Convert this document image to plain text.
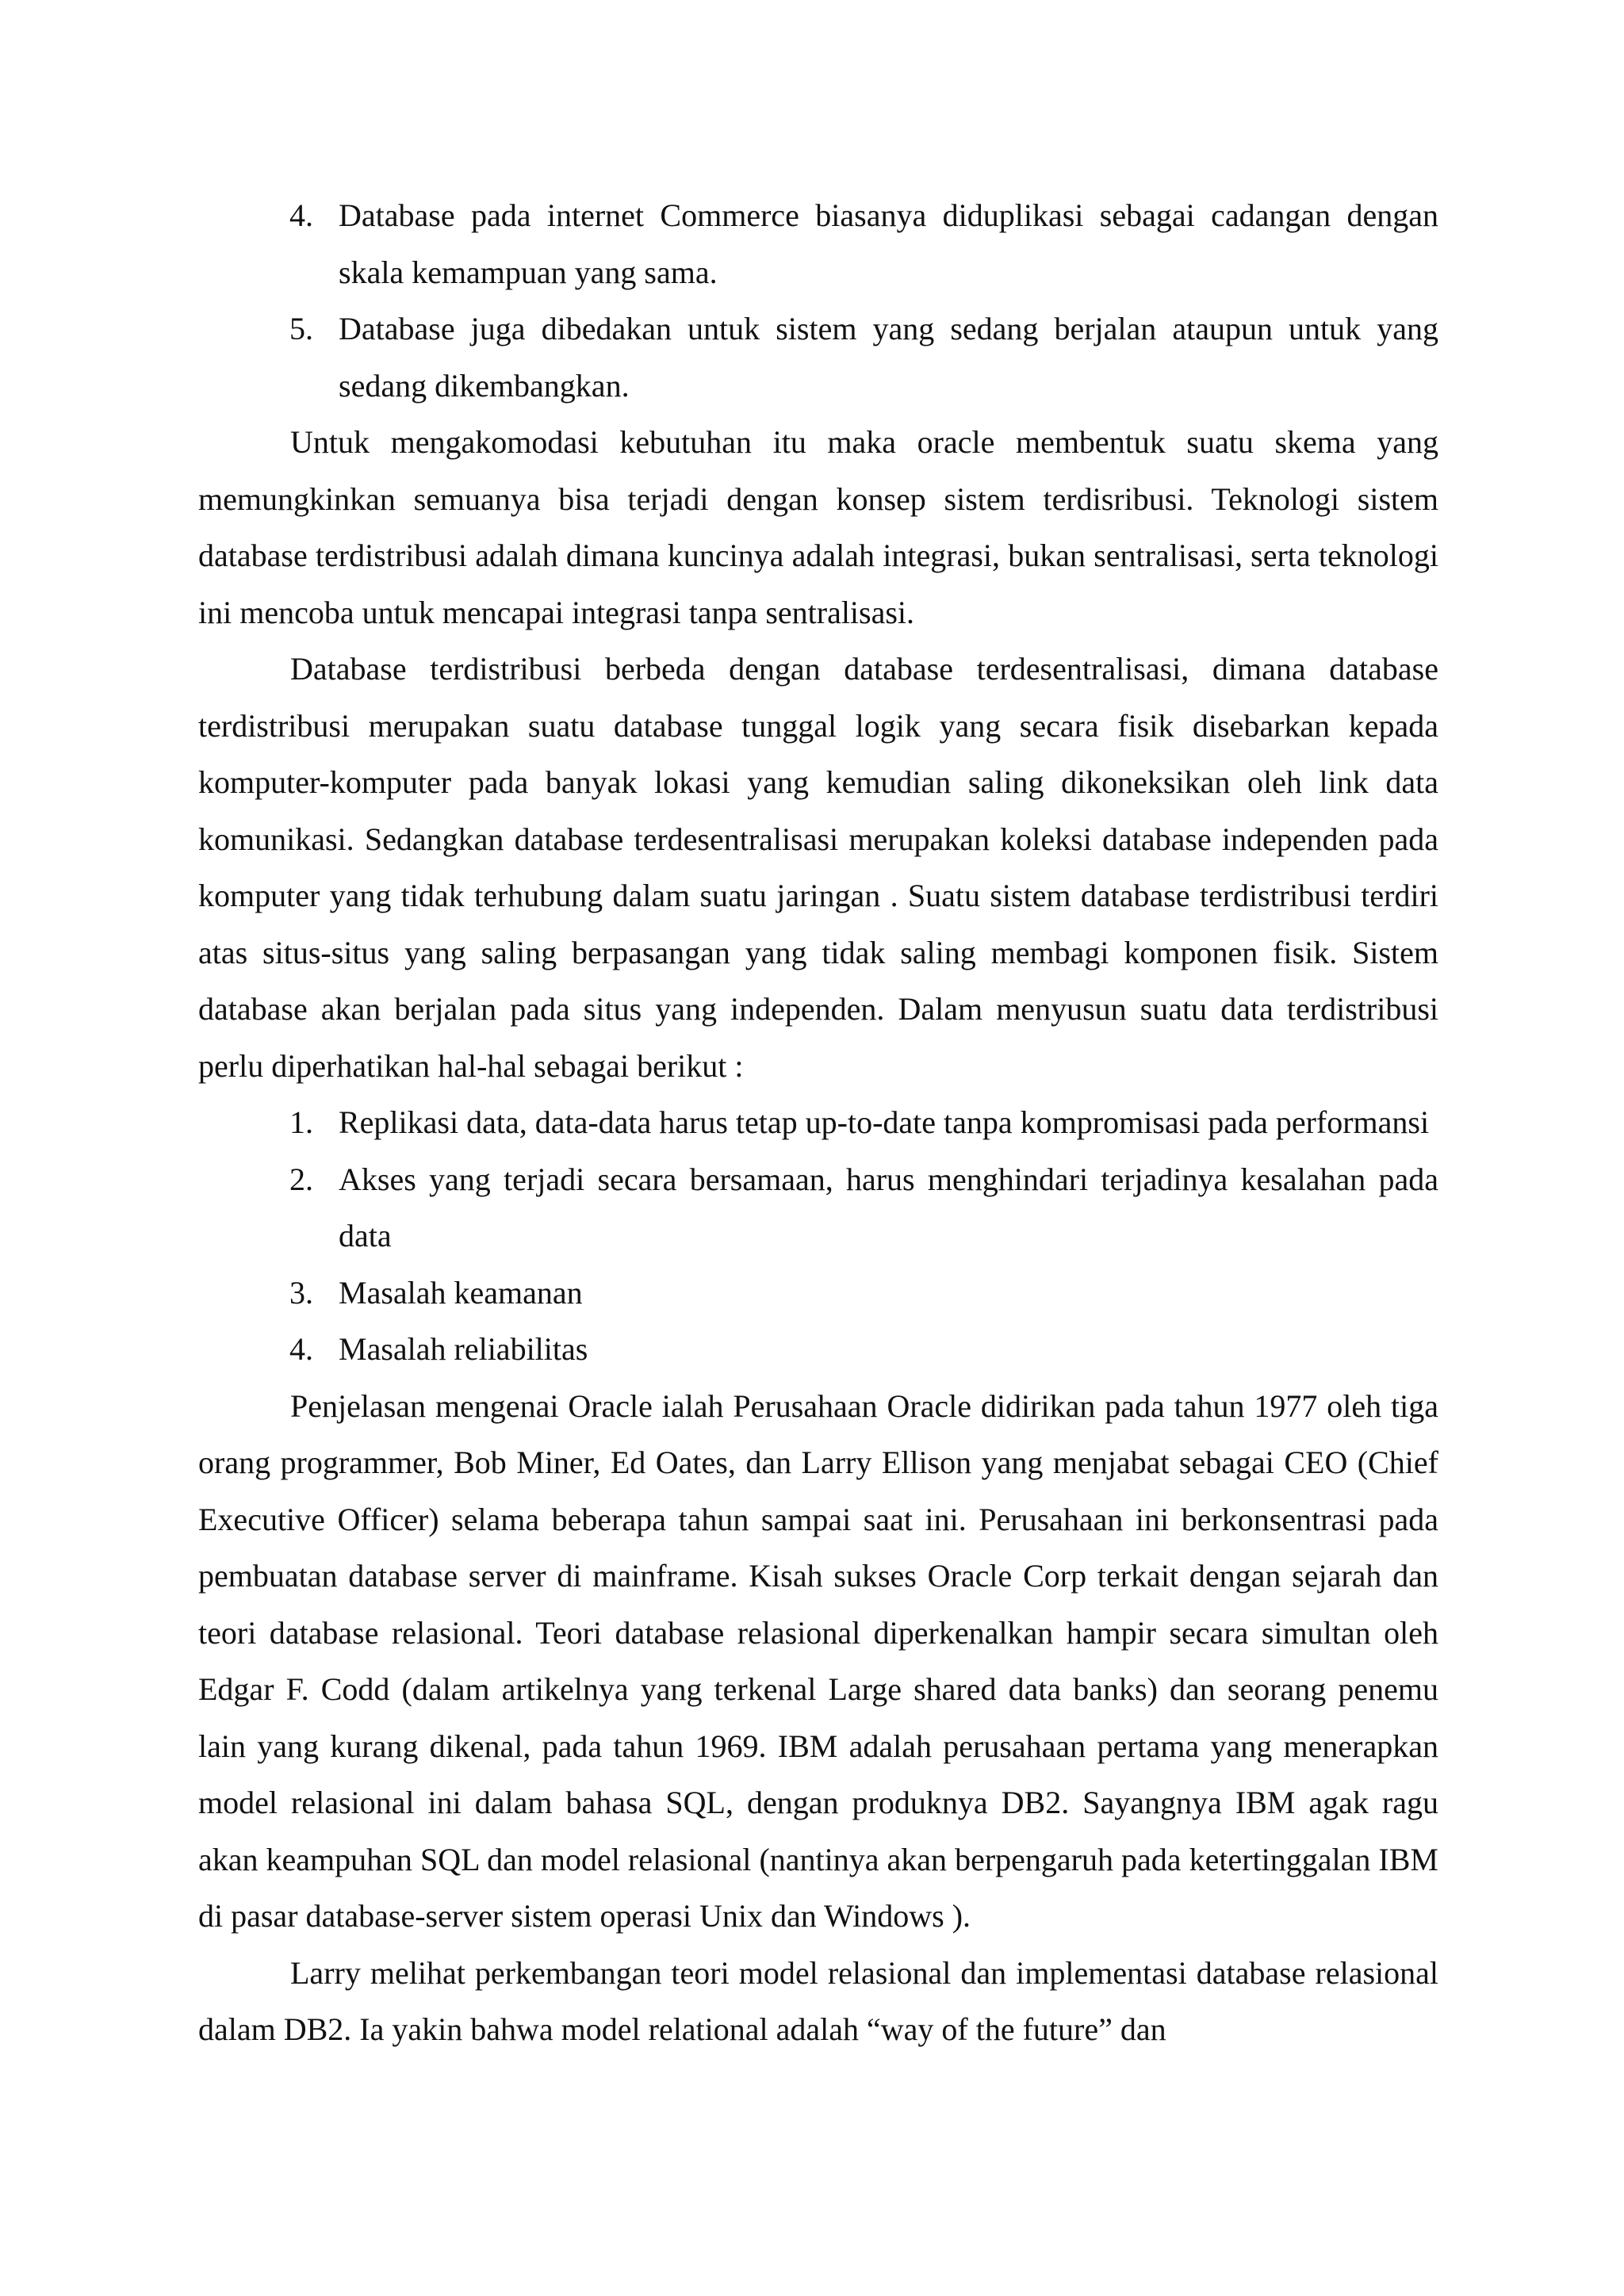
4. Database pada internet Commerce biasanya diduplikasi sebagai cadangan dengan skala kemampuan yang sama.
5. Database juga dibedakan untuk sistem yang sedang berjalan ataupun untuk yang sedang dikembangkan.

Untuk mengakomodasi kebutuhan itu maka oracle membentuk suatu skema yang memungkinkan semuanya bisa terjadi dengan konsep sistem terdisribusi. Teknologi sistem database terdistribusi adalah dimana kuncinya adalah integrasi, bukan sentralisasi, serta teknologi ini mencoba untuk mencapai integrasi tanpa sentralisasi.

Database terdistribusi berbeda dengan database terdesentralisasi, dimana database terdistribusi merupakan suatu database tunggal logik yang secara fisik disebarkan kepada komputer-komputer pada banyak lokasi yang kemudian saling dikoneksikan oleh link data komunikasi. Sedangkan database terdesentralisasi merupakan koleksi database independen pada komputer yang tidak terhubung dalam suatu jaringan . Suatu sistem database terdistribusi terdiri atas situs-situs yang saling berpasangan yang tidak saling membagi komponen fisik. Sistem database akan berjalan pada situs yang independen. Dalam menyusun suatu data terdistribusi perlu diperhatikan hal-hal sebagai berikut :

1. Replikasi data, data-data harus tetap up-to-date tanpa kompromisasi pada performansi
2. Akses yang terjadi secara bersamaan, harus menghindari terjadinya kesalahan pada data
3. Masalah keamanan
4. Masalah reliabilitas

Penjelasan mengenai Oracle ialah Perusahaan Oracle didirikan pada tahun 1977 oleh tiga orang programmer, Bob Miner, Ed Oates, dan Larry Ellison yang menjabat sebagai CEO (Chief Executive Officer) selama beberapa tahun sampai saat ini. Perusahaan ini berkonsentrasi pada pembuatan database server di mainframe. Kisah sukses Oracle Corp terkait dengan sejarah dan teori database relasional. Teori database relasional diperkenalkan hampir secara simultan oleh Edgar F. Codd (dalam artikelnya yang terkenal Large shared data banks) dan seorang penemu lain yang kurang dikenal, pada tahun 1969. IBM adalah perusahaan pertama yang menerapkan model relasional ini dalam bahasa SQL, dengan produknya DB2. Sayangnya IBM agak ragu akan keampuhan SQL dan model relasional (nantinya akan berpengaruh pada ketertinggalan IBM di pasar database-server sistem operasi Unix dan Windows ).

Larry melihat perkembangan teori model relasional dan implementasi database relasional dalam DB2. Ia yakin bahwa model relational adalah “way of the future” dan
